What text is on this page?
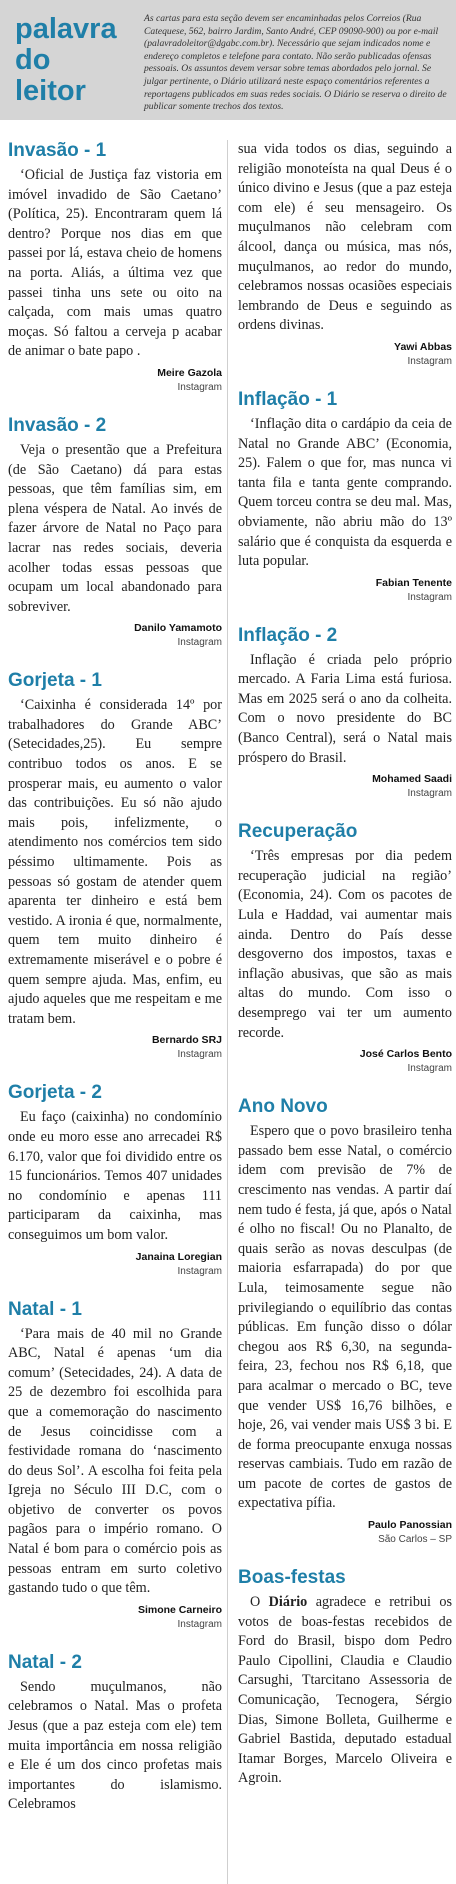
palavra
do leitor
As cartas para esta seção devem ser encaminhadas pelos Correios (Rua Catequese, 562, bairro Jardim, Santo André, CEP 09090-900) ou por e-mail (palavradoleitor@dgabc.com.br). Necessário que sejam indicados nome e endereço completos e telefone para contato. Não serão publicadas ofensas pessoais. Os assuntos devem versar sobre temas abordados pelo jornal. Se julgar pertinente, o Diário utilizará neste espaço comentários referentes a reportagens publicados em suas redes sociais. O Diário se reserva o direito de publicar somente trechos dos textos.
Invasão - 1

‘Oficial de Justiça faz vistoria em imóvel invadido de São Caetano’ (Política, 25). Encontraram quem lá dentro? Porque nos dias em que passei por lá, estava cheio de homens na porta. Aliás, a última vez que passei tinha uns sete ou oito na calçada, com mais umas quatro moças. Só faltou a cerveja p acabar de animar o bate papo .

Meire Gazola
Instagram
Invasão - 2

Veja o presentão que a Prefeitura (de São Caetano) dá para estas pessoas, que têm famílias sim, em plena véspera de Natal. Ao invés de fazer árvore de Natal no Paço para lacrar nas redes sociais, deveria acolher todas essas pessoas que ocupam um local abandonado para sobreviver.

Danilo Yamamoto
Instagram
Gorjeta - 1

‘Caixinha é considerada 14º por trabalhadores do Grande ABC’ (Setecidades,25). Eu sempre contribuo todos os anos. E se prosperar mais, eu aumento o valor das contribuições. Eu só não ajudo mais pois, infelizmente, o atendimento nos comércios tem sido péssimo ultimamente. Pois as pessoas só gostam de atender quem aparenta ter dinheiro e está bem vestido. A ironia é que, normalmente, quem tem muito dinheiro é extremamente miserável e o pobre é quem sempre ajuda. Mas, enfim, eu ajudo aqueles que me respeitam e me tratam bem.

Bernardo SRJ
Instagram
Gorjeta - 2

Eu faço (caixinha) no condomínio onde eu moro esse ano arrecadei R$ 6.170, valor que foi dividido entre os 15 funcionários. Temos 407 unidades no condomínio e apenas 111 participaram da caixinha, mas conseguimos um bom valor.

Janaina Loregian
Instagram
Natal - 1

‘Para mais de 40 mil no Grande ABC, Natal é apenas ‘um dia comum’ (Setecidades, 24). A data de 25 de dezembro foi escolhida para que a comemoração do nascimento de Jesus coincidisse com a festividade romana do ‘nascimento do deus Sol’. A escolha foi feita pela Igreja no Século III D.C, com o objetivo de converter os povos pagãos para o império romano. O Natal é bom para o comércio pois as pessoas entram em surto coletivo gastando tudo o que têm.

Simone Carneiro
Instagram
Natal - 2

Sendo muçulmanos, não celebramos o Natal. Mas o profeta Jesus (que a paz esteja com ele) tem muita importância em nossa religião e Ele é um dos cinco profetas mais importantes do islamismo. Celebramos

sua vida todos os dias, seguindo a religião monoteísta na qual Deus é o único divino e Jesus (que a paz esteja com ele) é seu mensageiro. Os muçulmanos não celebram com álcool, dança ou música, mas nós, muçulmanos, ao redor do mundo, celebramos nossas ocasiões especiais lembrando de Deus e seguindo as ordens divinas.

Yawi Abbas
Instagram
Inflação - 1

‘Inflação dita o cardápio da ceia de Natal no Grande ABC’ (Economia, 25). Falem o que for, mas nunca vi tanta fila e tanta gente comprando. Quem torceu contra se deu mal. Mas, obviamente, não abriu mão do 13º salário que é conquista da esquerda e luta popular.

Fabian Tenente
Instagram
Inflação - 2

Inflação é criada pelo próprio mercado. A Faria Lima está furiosa. Mas em 2025 será o ano da colheita. Com o novo presidente do BC (Banco Central), será o Natal mais próspero do Brasil.

Mohamed Saadi
Instagram
Recuperação

‘Três empresas por dia pedem recuperação judicial na região’ (Economia, 24). Com os pacotes de Lula e Haddad, vai aumentar mais ainda. Dentro do País desse desgoverno dos impostos, taxas e inflação abusivas, que são as mais altas do mundo. Com isso o desemprego vai ter um aumento recorde.

José Carlos Bento
Instagram
Ano Novo

Espero que o povo brasileiro tenha passado bem esse Natal, o comércio idem com previsão de 7% de crescimento nas vendas. A partir daí nem tudo é festa, já que, após o Natal é olho no fiscal! Ou no Planalto, de quais serão as novas desculpas (de maioria esfarrapada) do por que Lula, teimosamente segue não privilegiando o equilíbrio das contas públicas. Em função disso o dólar chegou aos R$ 6,30, na segunda-feira, 23, fechou nos R$ 6,18, que para acalmar o mercado o BC, teve que vender US$ 16,76 bilhões, e hoje, 26, vai vender mais US$ 3 bi. E de forma preocupante enxuga nossas reservas cambiais. Tudo em razão de um pacote de cortes de gastos de expectativa pífia.

Paulo Panossian
São Carlos – SP
Boas-festas

O Diário agradece e retribui os votos de boas-festas recebidos de Ford do Brasil, bispo dom Pedro Paulo Cipollini, Claudia e Claudio Carsughi, Ttarcitano Assessoria de Comunicação, Tecnogera, Sérgio Dias, Simone Bolleta, Guilherme e Gabriel Bastida, deputado estadual Itamar Borges, Marcelo Oliveira e Agroin.
